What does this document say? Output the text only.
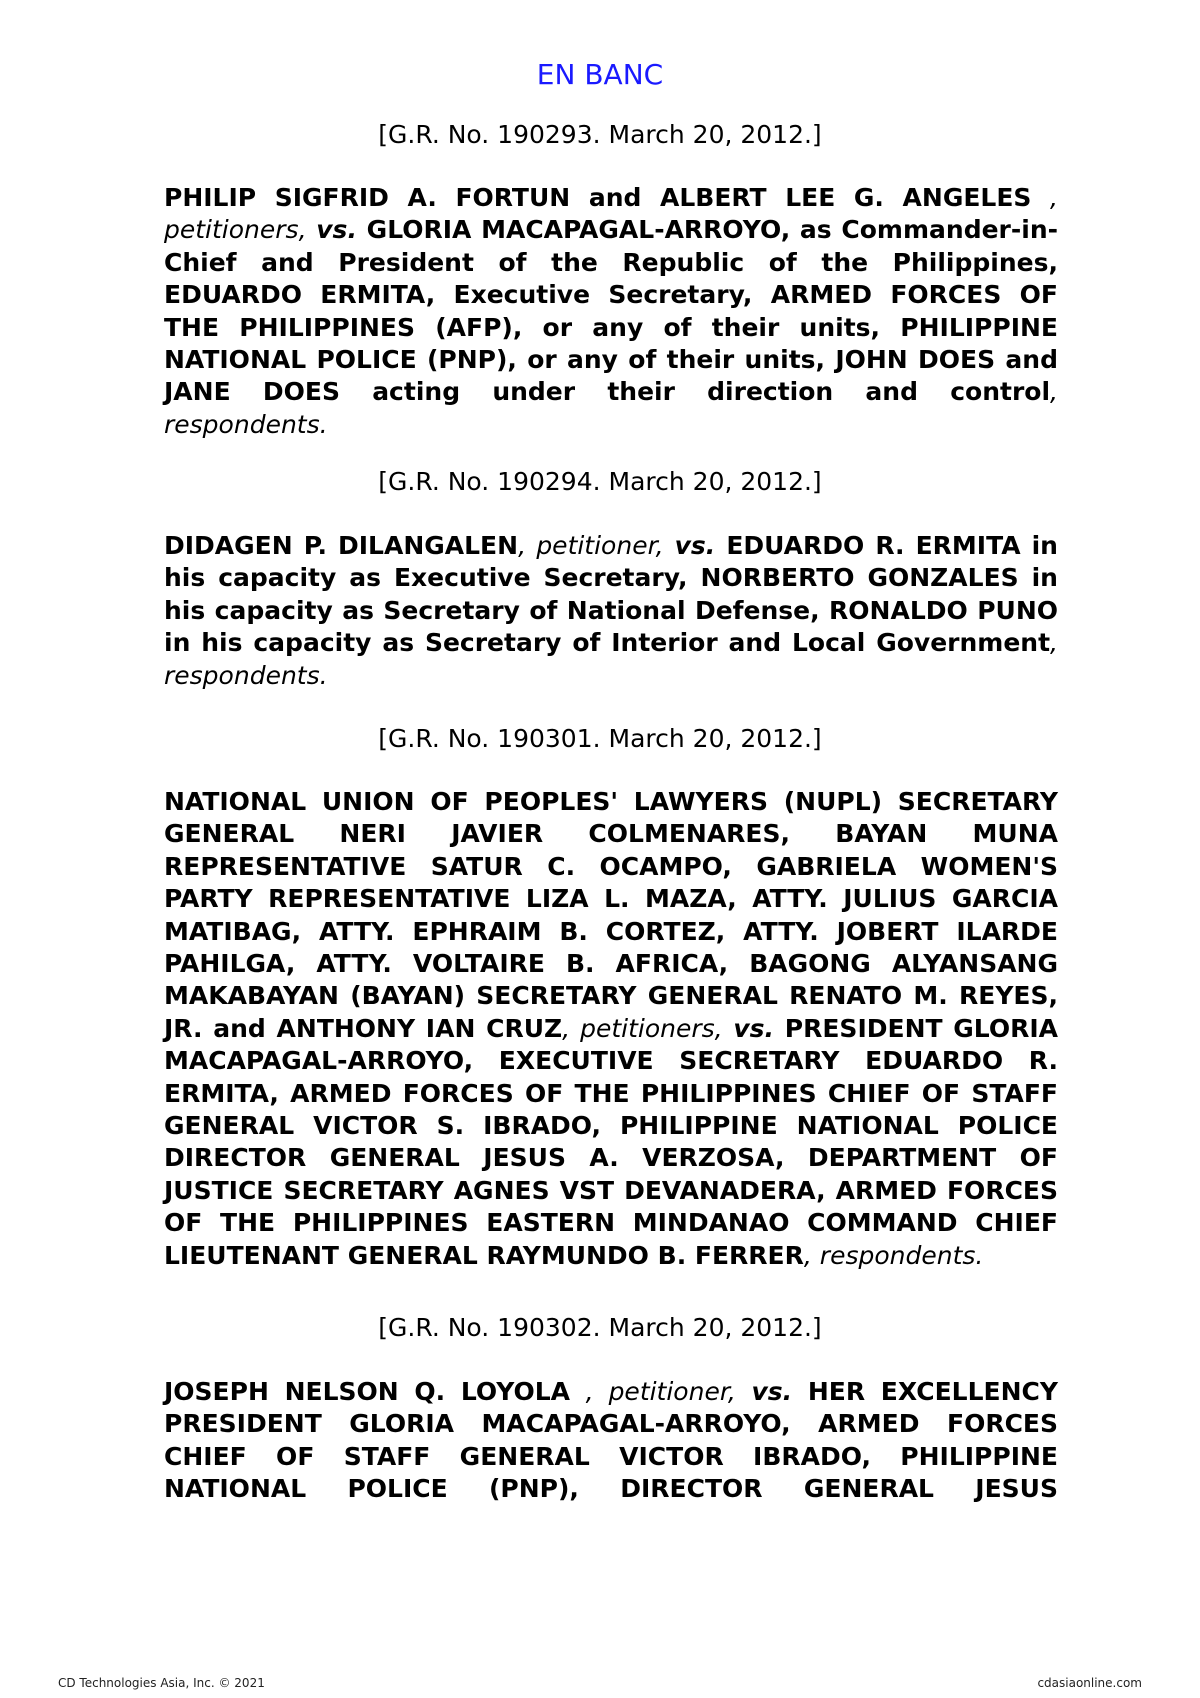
EN BANC
[G.R. No. 190293. March 20, 2012.]
PHILIP SIGFRID A. FORTUN and ALBERT LEE G. ANGELES , petitioners, vs. GLORIA MACAPAGAL-ARROYO, as Commander-in-Chief and President of the Republic of the Philippines, EDUARDO ERMITA, Executive Secretary, ARMED FORCES OF THE PHILIPPINES (AFP), or any of their units, PHILIPPINE NATIONAL POLICE (PNP), or any of their units, JOHN DOES and JANE DOES acting under their direction and control, respondents.
[G.R. No. 190294. March 20, 2012.]
DIDAGEN P. DILANGALEN, petitioner, vs. EDUARDO R. ERMITA in his capacity as Executive Secretary, NORBERTO GONZALES in his capacity as Secretary of National Defense, RONALDO PUNO in his capacity as Secretary of Interior and Local Government, respondents.
[G.R. No. 190301. March 20, 2012.]
NATIONAL UNION OF PEOPLES' LAWYERS (NUPL) SECRETARY GENERAL NERI JAVIER COLMENARES, BAYAN MUNA REPRESENTATIVE SATUR C. OCAMPO, GABRIELA WOMEN'S PARTY REPRESENTATIVE LIZA L. MAZA, ATTY. JULIUS GARCIA MATIBAG, ATTY. EPHRAIM B. CORTEZ, ATTY. JOBERT ILARDE PAHILGA, ATTY. VOLTAIRE B. AFRICA, BAGONG ALYANSANG MAKABAYAN (BAYAN) SECRETARY GENERAL RENATO M. REYES, JR. and ANTHONY IAN CRUZ, petitioners, vs. PRESIDENT GLORIA MACAPAGAL-ARROYO, EXECUTIVE SECRETARY EDUARDO R. ERMITA, ARMED FORCES OF THE PHILIPPINES CHIEF OF STAFF GENERAL VICTOR S. IBRADO, PHILIPPINE NATIONAL POLICE DIRECTOR GENERAL JESUS A. VERZOSA, DEPARTMENT OF JUSTICE SECRETARY AGNES VST DEVANADERA, ARMED FORCES OF THE PHILIPPINES EASTERN MINDANAO COMMAND CHIEF LIEUTENANT GENERAL RAYMUNDO B. FERRER, respondents.
[G.R. No. 190302. March 20, 2012.]
JOSEPH NELSON Q. LOYOLA , petitioner, vs. HER EXCELLENCY PRESIDENT GLORIA MACAPAGAL-ARROYO, ARMED FORCES CHIEF OF STAFF GENERAL VICTOR IBRADO, PHILIPPINE NATIONAL POLICE (PNP), DIRECTOR GENERAL JESUS
CD Technologies Asia, Inc. © 2021	cdasiaonline.com
